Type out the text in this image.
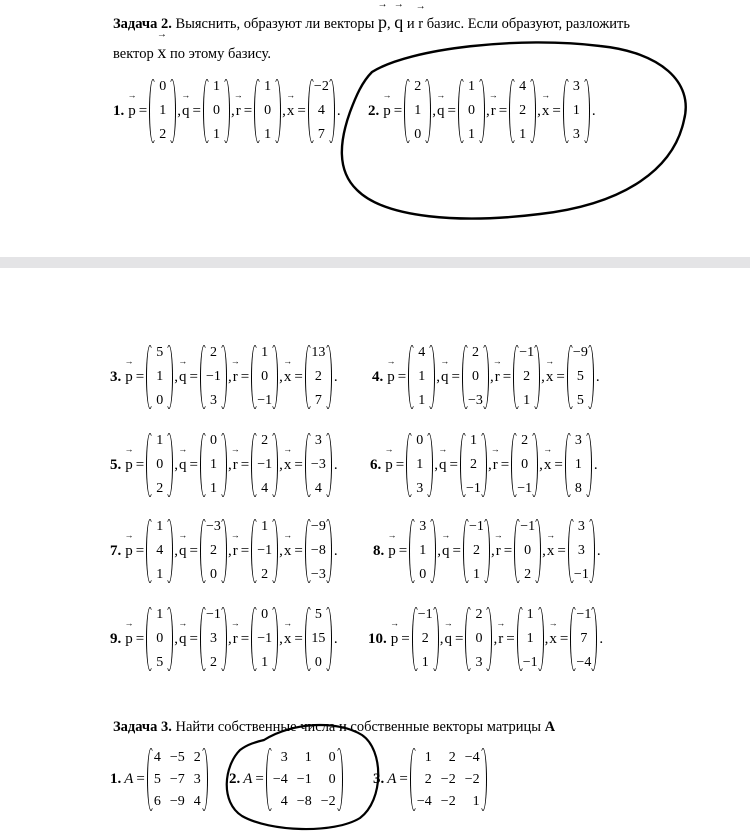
Задача 2. Выяснить, образуют ли векторы → p, → q и → r базис. Если образуют, разложить
вектор → x по этому базису.
1. → p =
0
1
2
, → q =
1
0
1
, → r =
1
0
1
, → x =
−2
4
7
. 2. → p =
2
1
0
, → q =
1
0
1
, → r =
4
2
1
, → x =
3
1
3
.
3. → p =
5
1
0
, → q =
2
−1
3
, → r =
1
0
−1
, → x =
13
2
7
. 4. → p =
4
1
1
, → q =
2
0
−3
, → r =
−1
2
1
, → x =
−9
5
5
.
5. → p =
1
0
2
, → q =
0
1
1
, → r =
2
−1
4
, → x =
3
−3
4
. 6. → p =
0
1
3
, → q =
1
2
−1
, → r =
2
0
−1
, → x =
3
1
8
.
7. → p =
1
4
1
, → q =
−3
2
0
, → r =
1
−1
2
, → x =
−9
−8
−3
. 8. → p =
3
1
0
, → q =
−1
2
1
, → r =
−1
0
2
, → x =
3
3
−1
.
9. → p =
1
0
5
, → q =
−1
3
2
, → r =
0
−1
1
, → x =
5
15
0
. 10. → p =
−1
2
1
, → q =
2
0
3
, → r =
1
1
−1
, → x =
−1
7
−4
.
Задача 3. Найти собственные числа и собственные векторы матрицы A
1. A =
4 −5 2
5 −7 3
6 −9 4
2. A =
3	1	0
−4 −1	0
4 −8 −2
3. A =
1	2 −4
2 −2 −2
−4 −2	1
